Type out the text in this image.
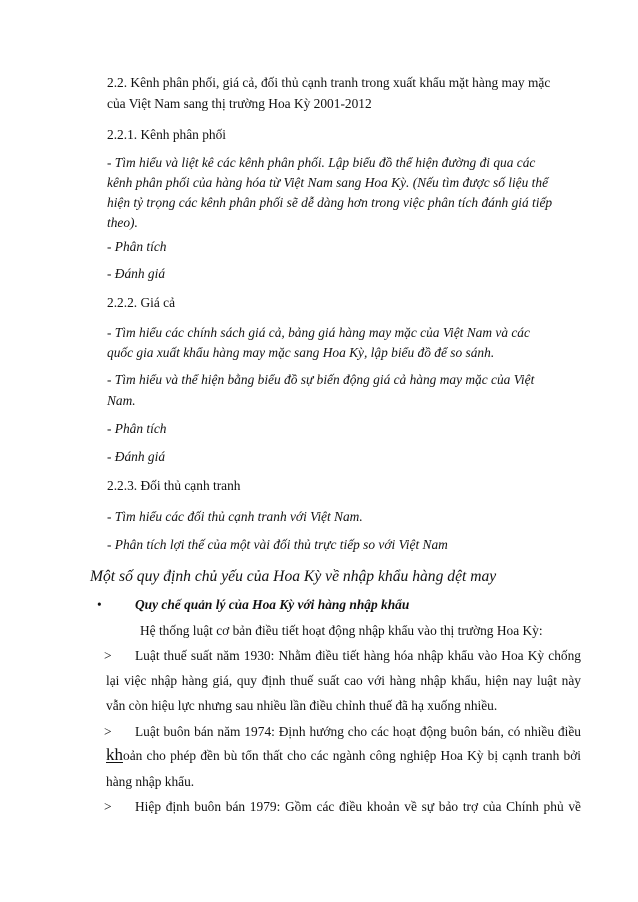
2.2. Kênh phân phối, giá cả, đối thủ cạnh tranh trong xuất khẩu mặt hàng may mặc

của Việt Nam sang thị trường Hoa Kỳ 2001-2012

2.2.1. Kênh phân phối

- Tìm hiểu và liệt kê các kênh phân phối. Lập biểu đồ thể hiện đường đi qua các

kênh phân phối của hàng hóa từ Việt Nam sang Hoa Kỳ. (Nếu tìm được số liệu thể

hiện tỷ trọng các kênh phân phối sẽ dễ dàng hơn trong việc phân tích đánh giá tiếp

theo).

- Phân tích

- Đánh giá

2.2.2. Giá cả

- Tìm hiểu các chính sách giá cả, bảng giá hàng may mặc của Việt Nam và các

quốc gia xuất khẩu hàng may mặc sang Hoa Kỳ, lập biểu đồ để so sánh.

- Tìm hiểu và thể hiện bằng biểu đồ sự biến động giá cả hàng may mặc của Việt

Nam.

- Phân tích

- Đánh giá

2.2.3. Đối thủ cạnh tranh

- Tìm hiểu các đối thủ cạnh tranh với Việt Nam.

- Phân tích lợi thế của một vài đối thủ trực tiếp so với Việt Nam

Một số quy định chủ yếu của Hoa Kỳ về nhập khẩu hàng dệt may

• Quy chế quản lý của Hoa Kỳ với hàng nhập khẩu

Hệ thống luật cơ bản điều tiết hoạt động nhập khẩu vào thị trường Hoa Kỳ:

> Luật thuế suất năm 1930: Nhằm điều tiết hàng hóa nhập khẩu vào Hoa Kỳ chống

lại việc nhập hàng giá, quy định thuế suất cao với hàng nhập khẩu, hiện nay luật này

vẫn còn hiệu lực nhưng sau nhiều lần điều chỉnh thuế đã hạ xuống nhiều.

> Luật buôn bán năm 1974: Định hướng cho các hoạt động buôn bán, có nhiều điều

khoản cho phép đền bù tổn thất cho các ngành công nghiệp Hoa Kỳ bị cạnh tranh bởi

hàng nhập khẩu.

> Hiệp định buôn bán 1979: Gồm các điều khoản về sự bảo trợ của Chính phủ về
